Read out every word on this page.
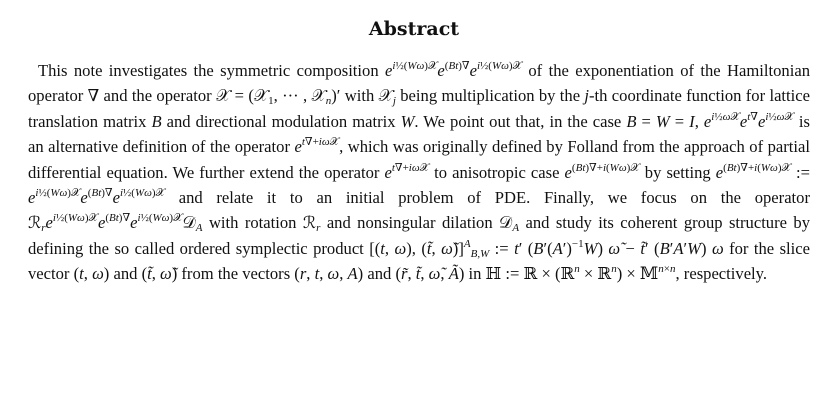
Abstract

This note investigates the symmetric composition $e^{i\frac{1}{2}(W\omega)𝒳}e^{(Bt)\nabla}e^{i\frac{1}{2}(W\omega)𝒳}$ of the exponentiation of the Hamiltonian operator ∇ and the operator 𝒳 = (𝒳$_1$, ··· , 𝒳$_n$)′ with 𝒳$_j$ being multiplication by the j-th coordinate function for lattice translation matrix B and directional modulation matrix W. We point out that, in the case B = W = I, $e^{i\frac{1}{2}\omega 𝒳}e^{t\nabla}e^{i\frac{1}{2}\omega 𝒳}$ is an alternative definition of the operator $e^{t\nabla+i\omega 𝒳}$, which was originally defined by Folland from the approach of partial differential equation. We further extend the operator $e^{t\nabla+i\omega 𝒳}$ to anisotropic case $e^{(Bt)\nabla+i(W\omega)𝒳}$ by setting $e^{(Bt)\nabla+i(W\omega)𝒳}$ := $e^{i\frac{1}{2}(W\omega)𝒳}e^{(Bt)\nabla}e^{i\frac{1}{2}(W\omega)𝒳}$ and relate it to an initial problem of PDE. Finally, we focus on the operator $ℛ_re^{i\frac{1}{2}(W\omega)𝒳}e^{(Bt)\nabla}e^{i\frac{1}{2}(W\omega)𝒳}𝒟_A$ with rotation ℛ$_r$ and nonsingular dilation 𝒟$_A$ and study its coherent group structure by defining the so called ordered symplectic product [(t, ω), (t̃, ω̃)]$^A_{B,W}$ := t′ $(B'(A')^{-1}W)$ ω̃ − t̃′ (B′A′W) ω for the slice vector (t, ω) and (t̃, ω̃) from the vectors (r, t, ω, A) and (r̃, t̃, ω̃, Ã) in ℍ := ℝ × (ℝ$^n$ × ℝ$^n$) × 𝕄$^{n\times n}$, respectively.
